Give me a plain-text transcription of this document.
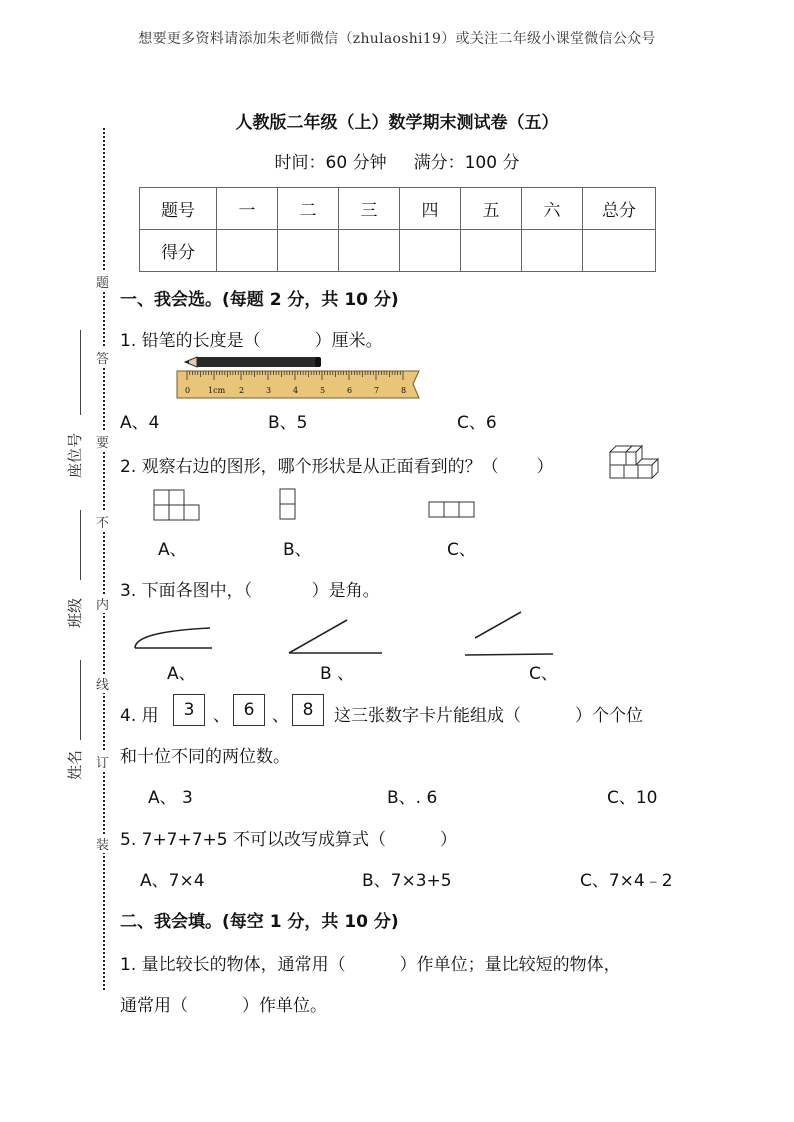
想要更多资料请添加朱老师微信（zhulaoshi19）或关注二年级小课堂微信公众号
题
答
要
不
内
线
订
装
座位号
班级
姓名
人教版二年级（上）数学期末测试卷（五）
时间：60 分钟     满分：100 分
题号	一	二	三	四	五	六	总分
得分							
一、我会选。(每题 2 分，共 10 分)
1. 铅笔的长度是（          ）厘米。
0 1cm 2	3	4	5	6	7	8
A、4	B、5	C、6
2. 观察右边的图形，哪个形状是从正面看到的？（       ）
A、	B、	C、
3. 下面各图中，（           ）是角。
A、	B 、	C、
4. 用	3	、 6	、 8	这三张数字卡片能组成（          ）个个位
和十位不同的两位数。
A、 3	B、. 6	C、10
5. 7+7+7+5 不可以改写成算式（          ）
A、7×4	B、7×3+5	C、7×4﹣2
二、我会填。(每空 1 分，共 10 分)
1. 量比较长的物体，通常用（          ）作单位；量比较短的物体，
通常用（          ）作单位。
